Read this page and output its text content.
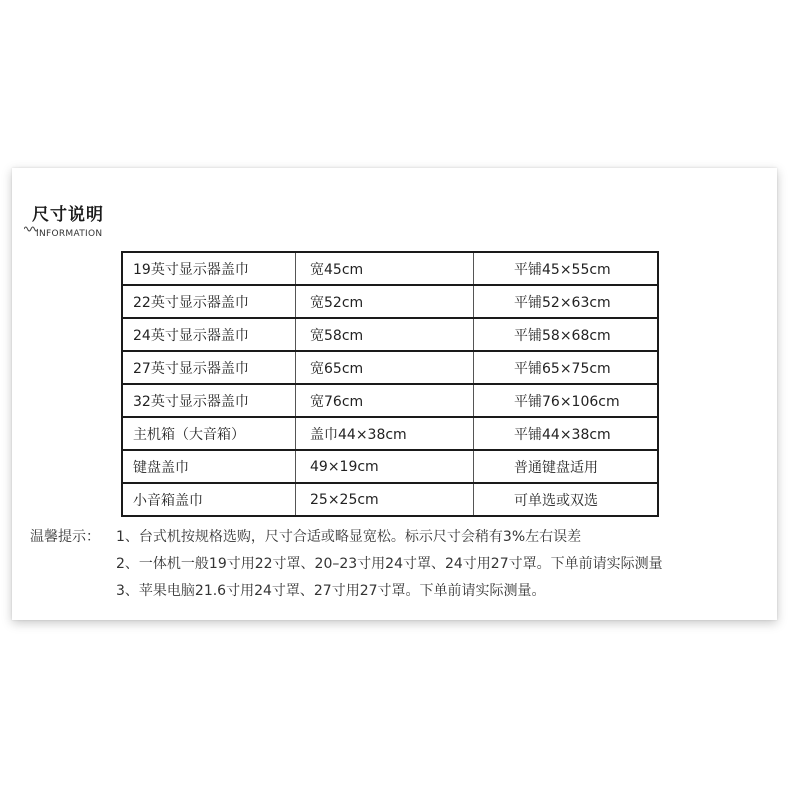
尺寸说明
INFORMATION
19英寸显示器盖巾	宽45cm	平铺45×55cm
22英寸显示器盖巾	宽52cm	平铺52×63cm
24英寸显示器盖巾	宽58cm	平铺58×68cm
27英寸显示器盖巾	宽65cm	平铺65×75cm
32英寸显示器盖巾	宽76cm	平铺76×106cm
主机箱（大音箱）	盖巾44×38cm	平铺44×38cm
键盘盖巾	49×19cm	普通键盘适用
小音箱盖巾	25×25cm	可单选或双选
温馨提示： 1、台式机按规格选购，尺寸合适或略显宽松。标示尺寸会稍有3%左右误差
2、一体机一般19寸用22寸罩、20–23寸用24寸罩、24寸用27寸罩。下单前请实际测量
3、苹果电脑21.6寸用24寸罩、27寸用27寸罩。下单前请实际测量。
